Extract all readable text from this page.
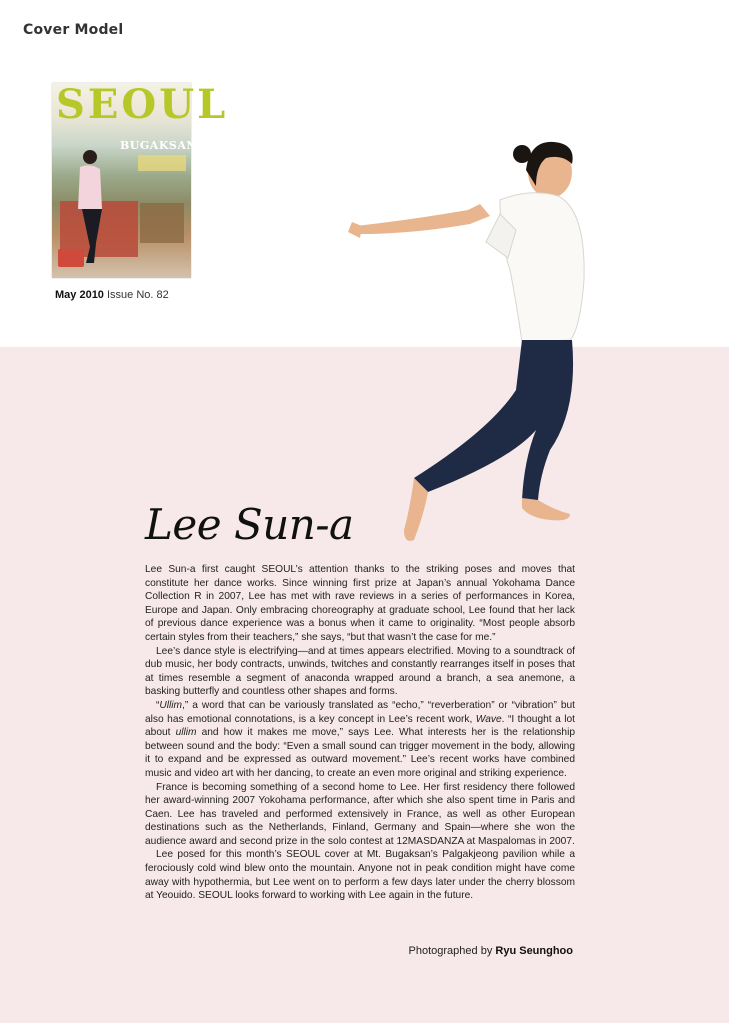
Cover Model
SEOUL
BUGAKSAN
May 2010 Issue No. 82
Lee Sun-a

Lee Sun-a first caught SEOUL’s attention thanks to the striking poses and moves that constitute her dance works. Since winning first prize at Japan’s annual Yokohama Dance Collection R in 2007, Lee has met with rave reviews in a series of performances in Korea, Europe and Japan. Only embracing choreography at graduate school, Lee found that her lack of previous dance experience was a bonus when it came to originality. “Most people absorb certain styles from their teachers,” she says, “but that wasn’t the case for me.”

Lee’s dance style is electrifying—and at times appears electrified. Moving to a soundtrack of dub music, her body contracts, unwinds, twitches and constantly rearranges itself in poses that at times resemble a segment of anaconda wrapped around a branch, a sea anemone, a basking butterfly and countless other shapes and forms.

“Ullim,” a word that can be variously translated as “echo,” “reverberation” or “vibration” but also has emotional connotations, is a key concept in Lee’s recent work, Wave. “I thought a lot about ullim and how it makes me move,” says Lee. What interests her is the relationship between sound and the body: “Even a small sound can trigger movement in the body, allowing it to expand and be expressed as outward movement.” Lee’s recent works have combined music and video art with her dancing, to create an even more original and striking experience.

France is becoming something of a second home to Lee. Her first residency there followed her award-winning 2007 Yokohama performance, after which she also spent time in Paris and Caen. Lee has traveled and performed extensively in France, as well as other European destinations such as the Netherlands, Finland, Germany and Spain—where she won the audience award and second prize in the solo contest at 12MASDANZA at Maspalomas in 2007.

Lee posed for this month’s SEOUL cover at Mt. Bugaksan’s Palgakjeong pavilion while a ferociously cold wind blew onto the mountain. Anyone not in peak condition might have come away with hypothermia, but Lee went on to perform a few days later under the cherry blossom at Yeouido. SEOUL looks forward to working with Lee again in the future.

Photographed by Ryu Seunghoo
